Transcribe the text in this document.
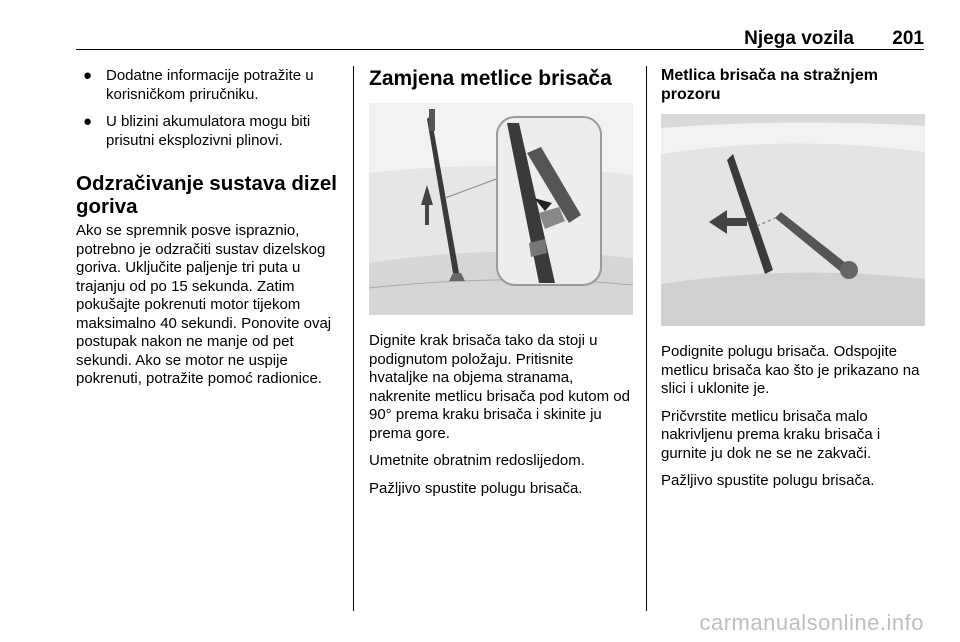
Njega vozila 201
● Dodatne informacije potražite u korisničkom priručniku.
● U blizini akumulatora mogu biti prisutni eksplozivni plinovi.
Odzračivanje sustava dizel goriva

Ako se spremnik posve ispraznio, potrebno je odzračiti sustav dizelskog goriva. Uključite paljenje tri puta u trajanju od po 15 sekunda. Zatim pokušajte pokrenuti motor tijekom maksimalno 40 sekundi. Ponovite ovaj postupak nakon ne manje od pet sekundi. Ako se motor ne uspije pokrenuti, potražite pomoć radionice.

Zamjena metlice brisača

Dignite krak brisača tako da stoji u podignutom položaju. Pritisnite hvataljke na objema stranama, nakrenite metlicu brisača pod kutom od 90° prema kraku brisača i skinite ju prema gore.

Umetnite obratnim redoslijedom.

Pažljivo spustite polugu brisača.

Metlica brisača na stražnjem prozoru

Podignite polugu brisača. Odspojite metlicu brisača kao što je prikazano na slici i uklonite je.

Pričvrstite metlicu brisača malo nakrivljenu prema kraku brisača i gurnite ju dok ne se ne zakvači.

Pažljivo spustite polugu brisača.

carmanualsonline.info
